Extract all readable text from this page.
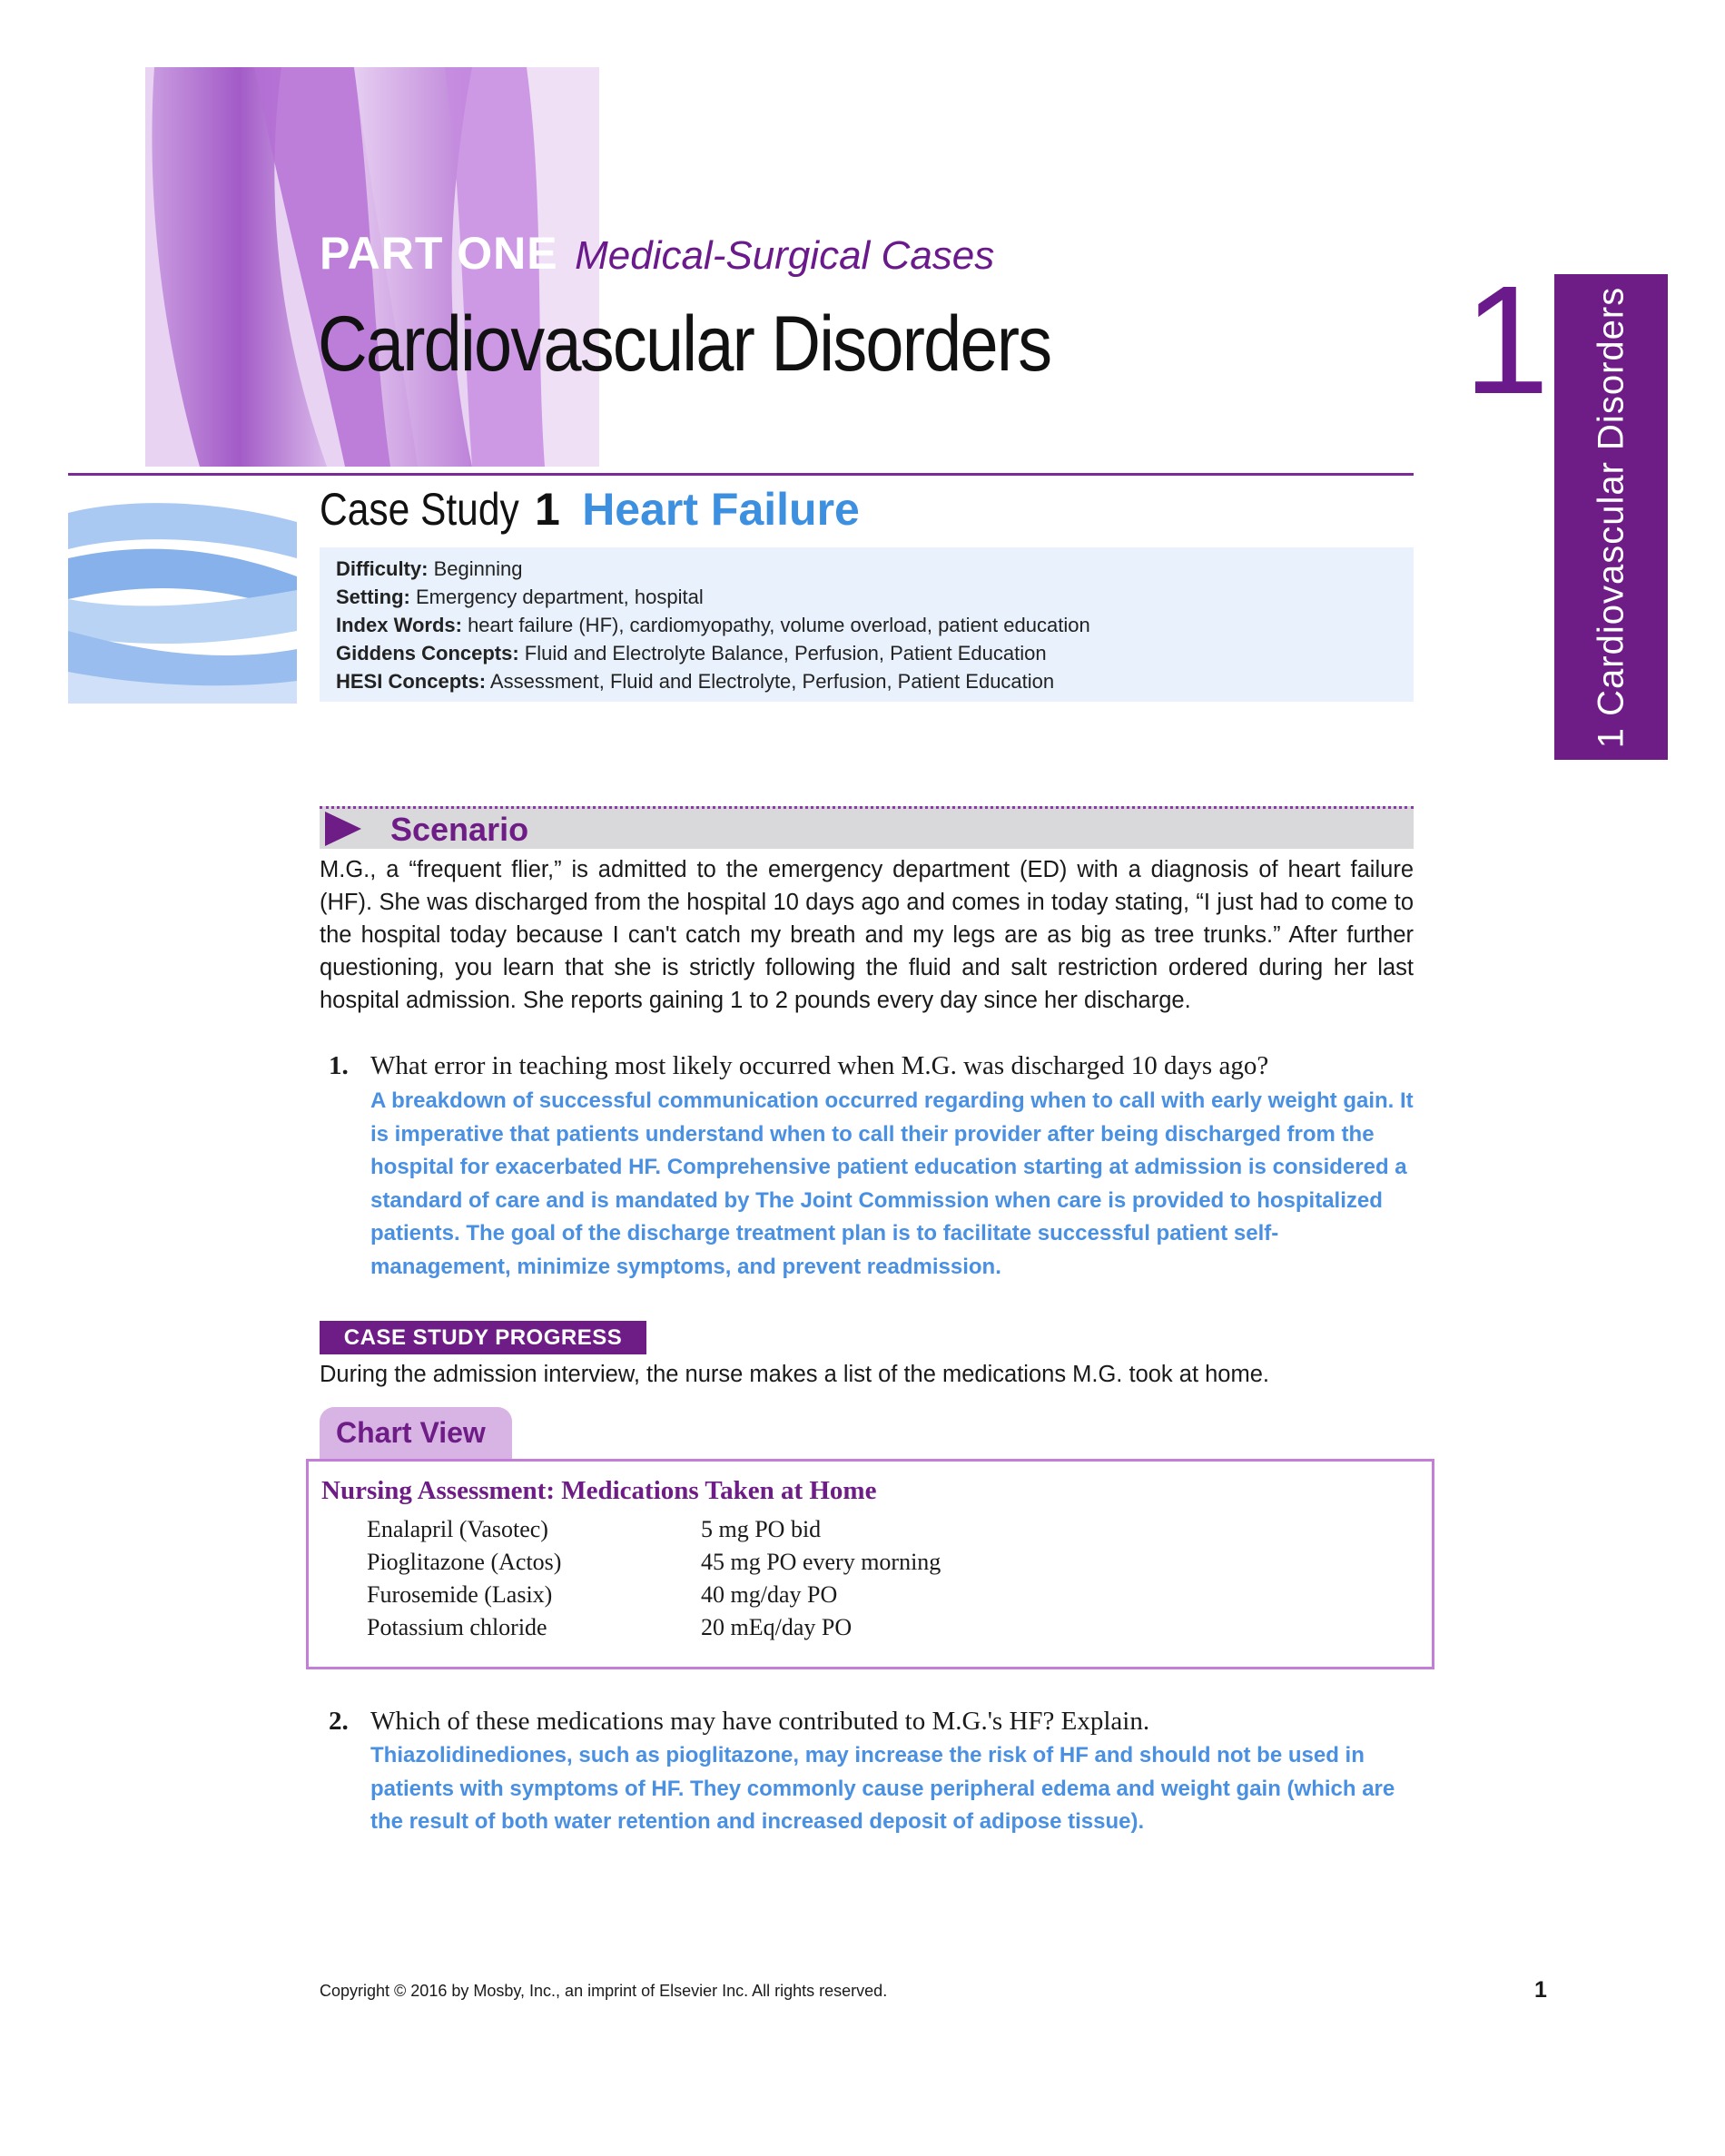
PART ONE Medical-Surgical Cases
Cardiovascular Disorders	1 1 Cardiovascular Disorders
Case Study 1 Heart Failure
Difficulty: Beginning
Setting: Emergency department, hospital
Index Words: heart failure (HF), cardiomyopathy, volume overload, patient education
Giddens Concepts: Fluid and Electrolyte Balance, Perfusion, Patient Education
HESI Concepts: Assessment, Fluid and Electrolyte, Perfusion, Patient Education
Scenario
M.G., a “frequent flier,” is admitted to the emergency department (ED) with a diagnosis of heart failure (HF). She was discharged from the hospital 10 days ago and comes in today stating, “I just had to come to the hospital today because I can't catch my breath and my legs are as big as tree trunks.” After further questioning, you learn that she is strictly following the fluid and salt restriction ordered during her last hospital admission. She reports gaining 1 to 2 pounds every day since her discharge.
1. What error in teaching most likely occurred when M.G. was discharged 10 days ago?
A breakdown of successful communication occurred regarding when to call with early weight gain. It is imperative that patients understand when to call their provider after being discharged from the hospital for exacerbated HF. Comprehensive patient education starting at admission is considered a standard of care and is mandated by The Joint Commission when care is provided to hospitalized patients. The goal of the discharge treatment plan is to facilitate successful patient self-management, minimize symptoms, and prevent readmission.
CASE STUDY PROGRESS
During the admission interview, the nurse makes a list of the medications M.G. took at home.
Chart View
Nursing Assessment: Medications Taken at Home
Enalapril (Vasotec)	5 mg PO bid
Pioglitazone (Actos)	45 mg PO every morning
Furosemide (Lasix)	40 mg/day PO
Potassium chloride	20 mEq/day PO
2. Which of these medications may have contributed to M.G.'s HF? Explain.
Thiazolidinediones, such as pioglitazone, may increase the risk of HF and should not be used in patients with symptoms of HF. They commonly cause peripheral edema and weight gain (which are the result of both water retention and increased deposit of adipose tissue).
Copyright © 2016 by Mosby, Inc., an imprint of Elsevier Inc. All rights reserved.	1
